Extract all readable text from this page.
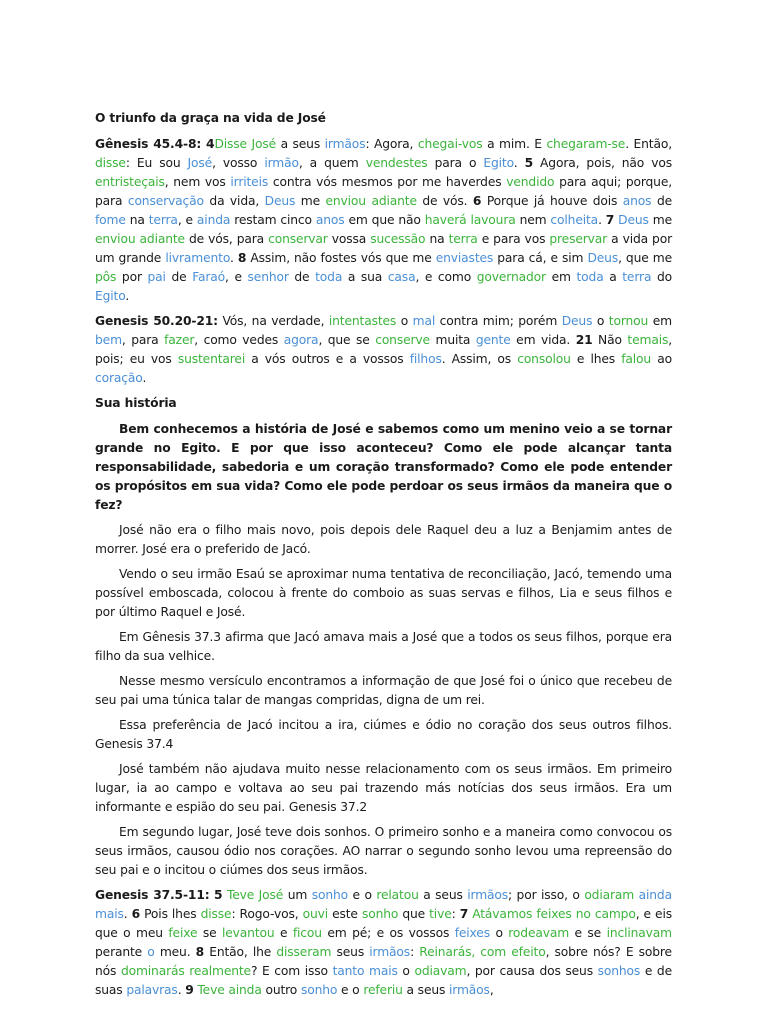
O triunfo da graça na vida de José

Gênesis 45.4-8: 4Disse José a seus irmãos: Agora, chegai-vos a mim. E chegaram-se. Então, disse: Eu sou José, vosso irmão, a quem vendestes para o Egito. 5 Agora, pois, não vos entristeçais, nem vos irriteis contra vós mesmos por me haverdes vendido para aqui; porque, para conservação da vida, Deus me enviou adiante de vós. 6 Porque já houve dois anos de fome na terra, e ainda restam cinco anos em que não haverá lavoura nem colheita. 7 Deus me enviou adiante de vós, para conservar vossa sucessão na terra e para vos preservar a vida por um grande livramento. 8 Assim, não fostes vós que me enviastes para cá, e sim Deus, que me pôs por pai de Faraó, e senhor de toda a sua casa, e como governador em toda a terra do Egito.

Genesis 50.20-21: Vós, na verdade, intentastes o mal contra mim; porém Deus o tornou em bem, para fazer, como vedes agora, que se conserve muita gente em vida. 21 Não temais, pois; eu vos sustentarei a vós outros e a vossos filhos. Assim, os consolou e lhes falou ao coração.

Sua história

Bem conhecemos a história de José e sabemos como um menino veio a se tornar grande no Egito. E por que isso aconteceu? Como ele pode alcançar tanta responsabilidade, sabedoria e um coração transformado? Como ele pode entender os propósitos em sua vida? Como ele pode perdoar os seus irmãos da maneira que o fez?

José não era o filho mais novo, pois depois dele Raquel deu a luz a Benjamim antes de morrer. José era o preferido de Jacó.

Vendo o seu irmão Esaú se aproximar numa tentativa de reconciliação, Jacó, temendo uma possível emboscada, colocou à frente do comboio as suas servas e filhos, Lia e seus filhos e por último Raquel e José.

Em Gênesis 37.3 afirma que Jacó amava mais a José que a todos os seus filhos, porque era filho da sua velhice.

Nesse mesmo versículo encontramos a informação de que José foi o único que recebeu de seu pai uma túnica talar de mangas compridas, digna de um rei.

Essa preferência de Jacó incitou a ira, ciúmes e ódio no coração dos seus outros filhos. Genesis 37.4

José também não ajudava muito nesse relacionamento com os seus irmãos. Em primeiro lugar, ia ao campo e voltava ao seu pai trazendo más notícias dos seus irmãos. Era um informante e espião do seu pai. Genesis 37.2

Em segundo lugar, José teve dois sonhos. O primeiro sonho e a maneira como convocou os seus irmãos, causou ódio nos corações. AO narrar o segundo sonho levou uma repreensão do seu pai e o incitou o ciúmes dos seus irmãos.

Genesis 37.5-11: 5 Teve José um sonho e o relatou a seus irmãos; por isso, o odiaram ainda mais. 6 Pois lhes disse: Rogo-vos, ouvi este sonho que tive: 7 Atávamos feixes no campo, e eis que o meu feixe se levantou e ficou em pé; e os vossos feixes o rodeavam e se inclinavam perante o meu. 8 Então, lhe disseram seus irmãos: Reinarás, com efeito, sobre nós? E sobre nós dominarás realmente? E com isso tanto mais o odiavam, por causa dos seus sonhos e de suas palavras. 9 Teve ainda outro sonho e o referiu a seus irmãos,
